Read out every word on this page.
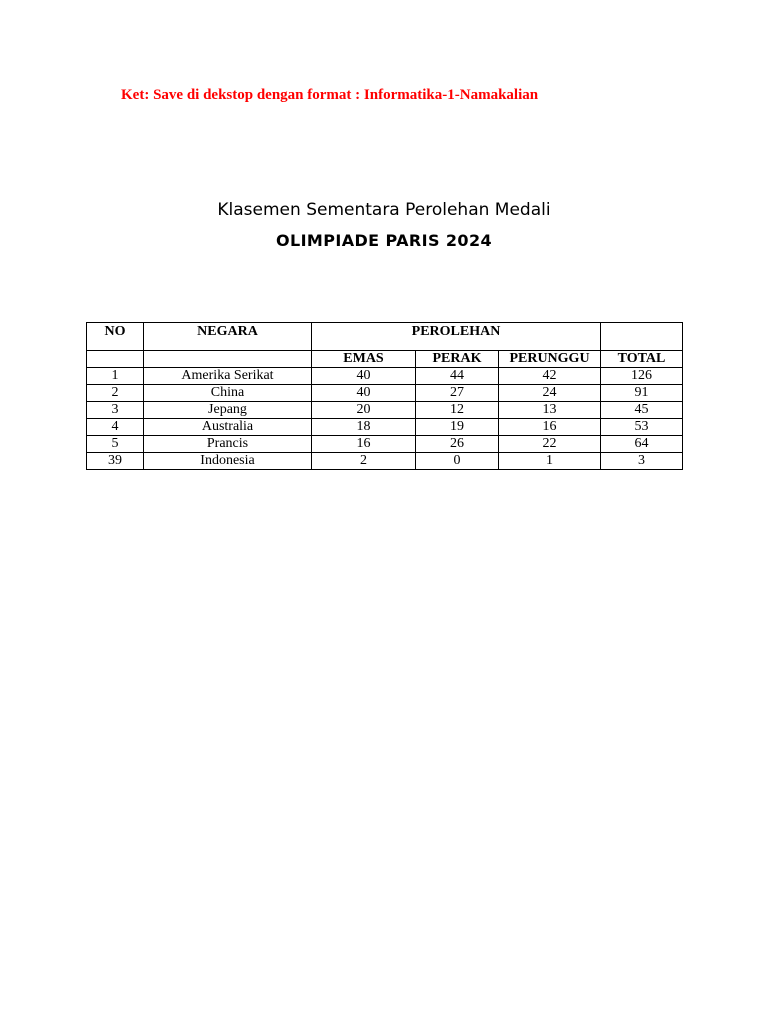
Ket: Save di dekstop dengan format : Informatika-1-Namakalian
Klasemen Sementara Perolehan Medali
OLIMPIADE PARIS 2024
NO	NEGARA	PEROLEHAN			
		EMAS	PERAK	PERUNGGU	TOTAL
1	Amerika Serikat	40	44	42	126
2	China	40	27	24	91
3	Jepang	20	12	13	45
4	Australia	18	19	16	53
5	Prancis	16	26	22	64
39	Indonesia	2	0	1	3
